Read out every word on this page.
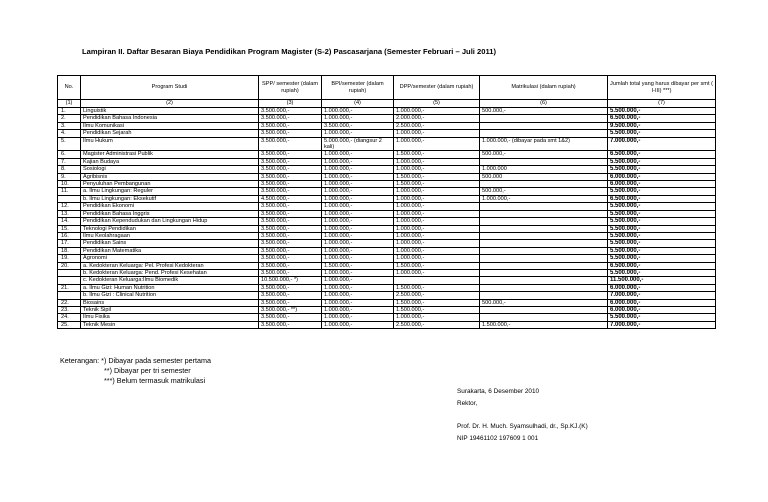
Lampiran II. Daftar Besaran Biaya Pendidikan Program Magister (S-2) Pascasarjana (Semester Februari – Juli 2011)
No.	Program Studi	SPP/ semester (dalam rupiah)	BPI/semester (dalam rupiah)	DPP/semester (dalam rupiah)	Matrikulasi (dalam rupiah)	Jumlah total yang harus dibayar per smt ( I-III) ***)
(1)	(2)	(3)	(4)	(5)	(6)	(7)
1.	Linguistik	3.500.000,-	1.000.000,-	1.000.000,-	500.000,-	5.500.000,-
2.	Pendidikan Bahasa Indonesia	3.500.000,-	1.000.000,-	2.000.000,-		6.500.000,-
3.	Ilmu Komunikasi	3.500.000,-	3.500.000,-	2.500.000,-		9.500.000,-
4.	Pendidikan Sejarah	3.500.000,-	1.000.000,-	1.000.000,-		5.500.000,-
5.	Ilmu Hukum	3.500.000,-	5.000.000,- (diangsur 2 kali)	1.000.000,-	1.000.000,- (dibayar pada smt 1&2)	7.000.000,-
6.	Magister Administrasi Publik	3.500.000,-	1.000.000,-	1.500.000,-	500.000,-	6.500.000,-
7.	Kajian Budaya	3.500.000,-	1.000.000,-	1.000.000,-		5.500.000,-
8.	Sosiologi	3.500.000,-	1.000.000,-	1.000.000,-	1.000.000	5.500.000,-
9.	Agribisnis	3.500.000,-	1.000.000,-	1.500.000,-	500.000	6.000.000,-
10.	Penyuluhan Pembangunan	3.500.000,-	1.000.000,-	1.500.000,-		6.000.000,-
11.	a. Ilmu Lingkungan: Reguler	3.500.000,-	1.000.000,-	1.000.000,-	500.000,-	5.500.000,-
	b. Ilmu Lingkungan: Eksekutif	4.500.000,-	1.000.000,-	1.000.000,-	1.000.000,-	6.500.000,-
12.	Pendidikan Ekonomi	3.500.000,-	1.000.000,-	1.000.000,-		5.500.000,-
13.	Pendidikan Bahasa Inggris	3.500.000,-	1.000.000,-	1.000.000,-		5.500.000,-
14.	Pendidikan Kependudukan dan Lingkungan Hidup	3.500.000,-	1.000.000,-	1.000.000,-		5.500.000,-
15.	Teknologi Pendidikan	3.500.000,-	1.000.000,-	1.000.000,-		5.500.000,-
16.	Ilmu Keolahragaan	3.500.000,-	1.000.000,-	1.000.000,-		5.500.000,-
17.	Pendidikan Sains	3.500.000,-	1.000.000,-	1.000.000,-		5.500.000,-
18.	Pendidikan Matematika	3.500.000,-	1.000.000,-	1.000.000,-		5.500.000,-
19.	Agronomi	3.500.000,-	1.000.000,-	1.000.000,-		5.500.000,-
20.	a. Kedokteran Keluarga: Pel. Profesi Kedokteran	3.500.000,-	1.500.000,-	1.500.000,-		6.500.000,-
	b. Kedokteran Keluarga: Pend. Profesi Kesehatan	3.500.000,-	1.000.000,-	1.000.000,-		5.500.000,-
	c. Kedokteran Keluarga:Ilmu Biomedik	10.500.000,- *)	1.000.000,-			11.500.000,-
21.	a. Ilmu Gizi: Human Nutrition	3.500.000,-	1.000.000,-	1.500.000,-		6.000.000,-
	b. Ilmu Gizi : Clinical Nutrition	3.500.000,-	1.000.000,-	2.500.000,-		7.000.000,-
22.	Biosains	3.500.000,-	1.000.000,-	1.500.000,-	500.000,-	6.000.000,-
23.	Teknik Sipil	3.500.000,- **)	1.000.000,-	1.500.000,-		6.000.000,-
24.	Ilmu Fisika	3.500.000,-	1.000.000,-	1.000.000,-		5.500.000,-
25.	Teknik Mesin	3.500.000,-	1.000.000,-	2.500.000,-	1.500.000,-	7.000.000,-
Keterangan: *) Dibayar pada semester pertama
**) Dibayar per tri semester
***) Belum termasuk matrikulasi
Surakarta, 6 Desember 2010
Rektor,
Prof. Dr. H. Much. Syamsulhadi, dr., Sp.KJ.(K)
NIP 19461102 197609 1 001
